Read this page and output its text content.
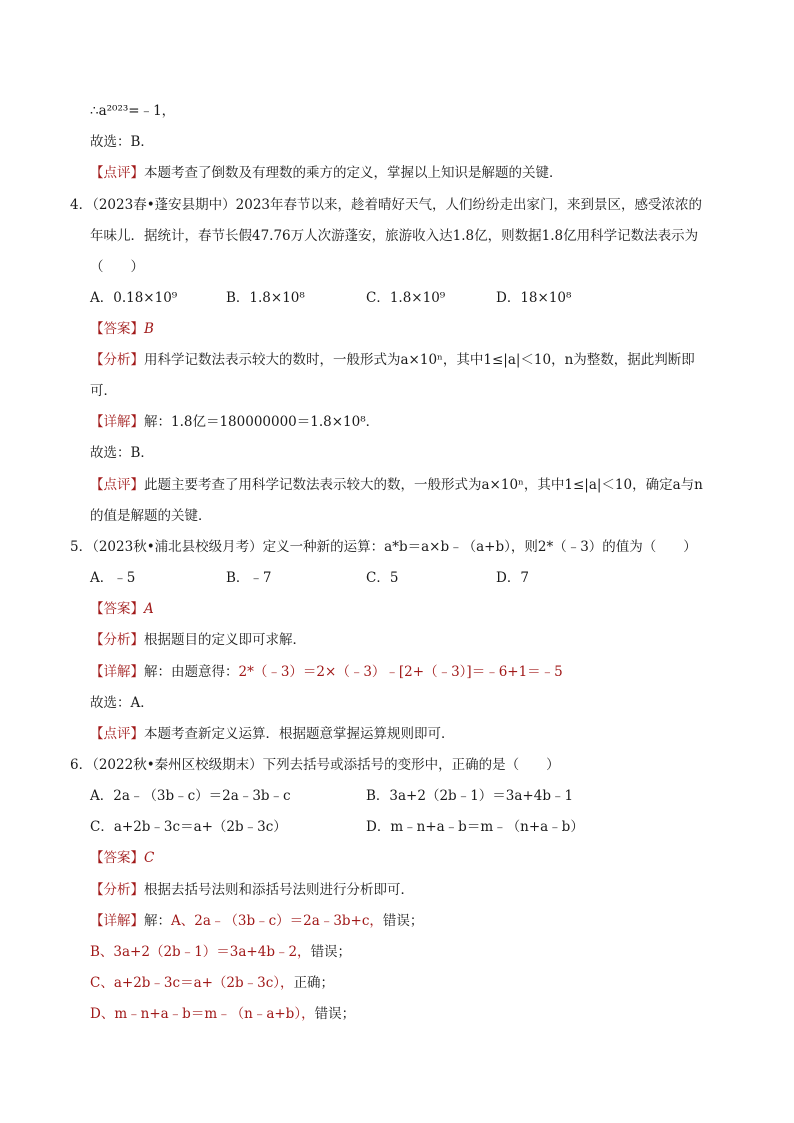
∴a²⁰²³=﹣1，
故选：B．
【点评】本题考查了倒数及有理数的乘方的定义，掌握以上知识是解题的关键．
4．（2023春•蓬安县期中）2023年春节以来，趁着晴好天气，人们纷纷走出家门，来到景区，感受浓浓的
年味儿．据统计，春节长假47.76万人次游蓬安，旅游收入达1.8亿，则数据1.8亿用科学记数法表示为
（　　）
A．0.18×10⁹	B．1.8×10⁸	C．1.8×10⁹	D．18×10⁸
【答案】B
【分析】用科学记数法表示较大的数时，一般形式为a×10ⁿ，其中1≤|a|＜10，n为整数，据此判断即
可．
【详解】解：1.8亿＝180000000＝1.8×10⁸．
故选：B．
【点评】此题主要考查了用科学记数法表示较大的数，一般形式为a×10ⁿ，其中1≤|a|＜10，确定a与n
的值是解题的关键．
5．（2023秋•浦北县校级月考）定义一种新的运算：a*b＝a×b﹣（a+b），则2*（﹣3）的值为（　　）
A．﹣5	B．﹣7	C．5	D．7
【答案】A
【分析】根据题目的定义即可求解．
【详解】解：由题意得：2*（﹣3）＝2×（﹣3）﹣[2+（﹣3）]＝﹣6+1＝﹣5
故选：A．
【点评】本题考查新定义运算．根据题意掌握运算规则即可．
6．（2022秋•秦州区校级期末）下列去括号或添括号的变形中，正确的是（　　）
A．2a﹣（3b﹣c）＝2a﹣3b﹣c	B．3a+2（2b﹣1）＝3a+4b﹣1
C．a+2b﹣3c＝a+（2b﹣3c）	D．m﹣n+a﹣b＝m﹣（n+a﹣b）
【答案】C
【分析】根据去括号法则和添括号法则进行分析即可．
【详解】解：A、2a﹣（3b﹣c）＝2a﹣3b+c，错误；
B、3a+2（2b﹣1）＝3a+4b﹣2，错误；
C、a+2b﹣3c＝a+（2b﹣3c），正确；
D、m﹣n+a﹣b＝m﹣（n﹣a+b），错误；
